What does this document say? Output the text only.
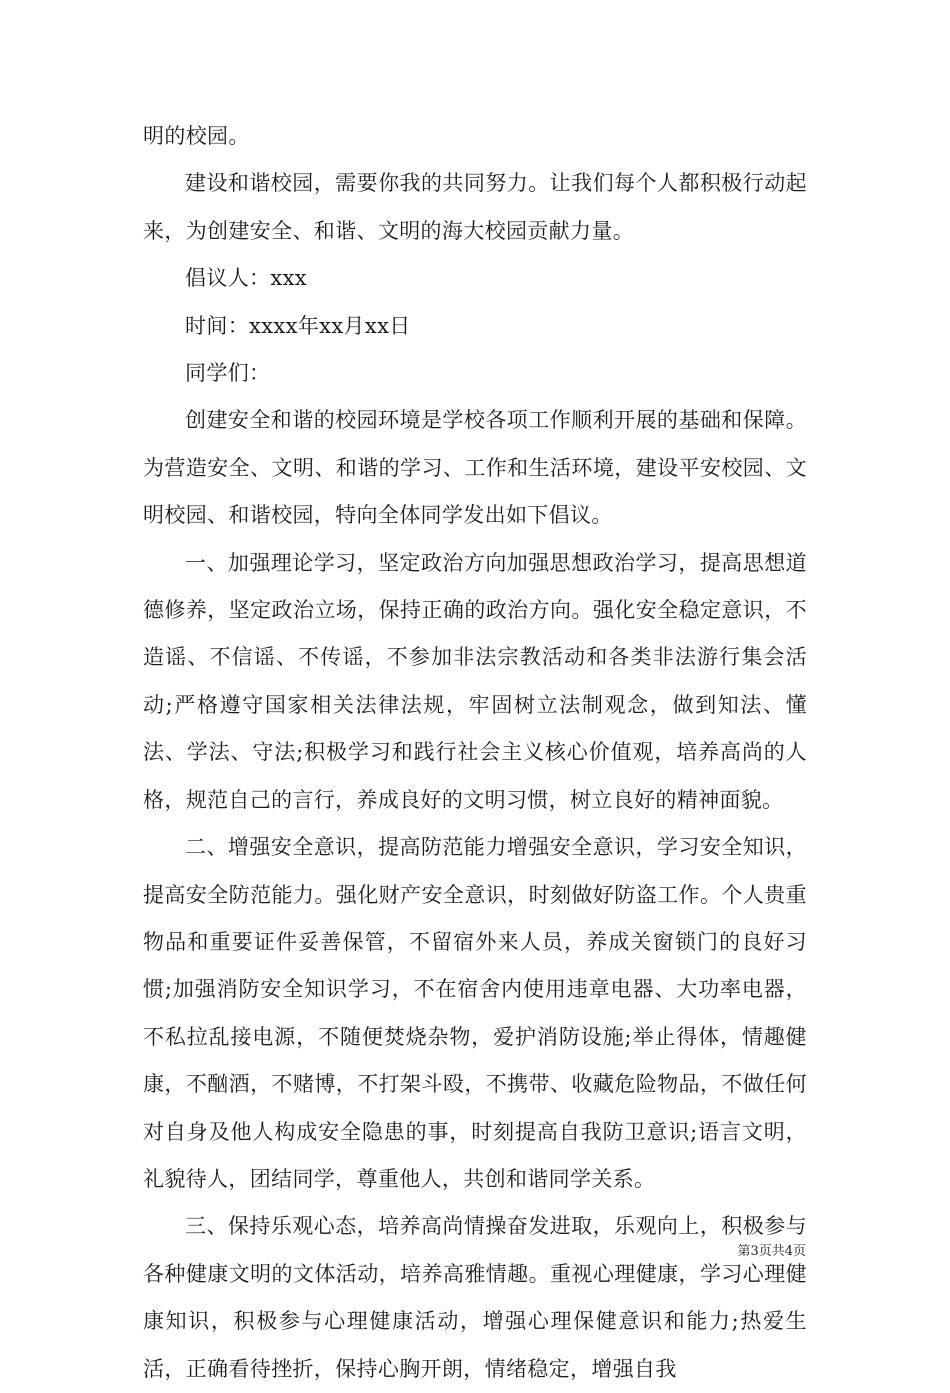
明的校园。

建设和谐校园，需要你我的共同努力。让我们每个人都积极行动起来，为创建安全、和谐、文明的海大校园贡献力量。

倡议人：xxx

时间：xxxx年xx月xx日

同学们：

创建安全和谐的校园环境是学校各项工作顺利开展的基础和保障。为营造安全、文明、和谐的学习、工作和生活环境，建设平安校园、文明校园、和谐校园，特向全体同学发出如下倡议。

一、加强理论学习，坚定政治方向加强思想政治学习，提高思想道德修养，坚定政治立场，保持正确的政治方向。强化安全稳定意识，不造谣、不信谣、不传谣，不参加非法宗教活动和各类非法游行集会活动;严格遵守国家相关法律法规，牢固树立法制观念，做到知法、懂法、学法、守法;积极学习和践行社会主义核心价值观，培养高尚的人格，规范自己的言行，养成良好的文明习惯，树立良好的精神面貌。

二、增强安全意识，提高防范能力增强安全意识，学习安全知识，提高安全防范能力。强化财产安全意识，时刻做好防盗工作。个人贵重物品和重要证件妥善保管，不留宿外来人员，养成关窗锁门的良好习惯;加强消防安全知识学习，不在宿舍内使用违章电器、大功率电器，不私拉乱接电源，不随便焚烧杂物，爱护消防设施;举止得体，情趣健康，不酗酒，不赌博，不打架斗殴，不携带、收藏危险物品，不做任何对自身及他人构成安全隐患的事，时刻提高自我防卫意识;语言文明，礼貌待人，团结同学，尊重他人，共创和谐同学关系。

三、保持乐观心态，培养高尚情操奋发进取，乐观向上，积极参与各种健康文明的文体活动，培养高雅情趣。重视心理健康，学习心理健康知识，积极参与心理健康活动，增强心理保健意识和能力;热爱生活，正确看待挫折，保持心胸开朗，情绪稳定，增强自我

第3页共4页
